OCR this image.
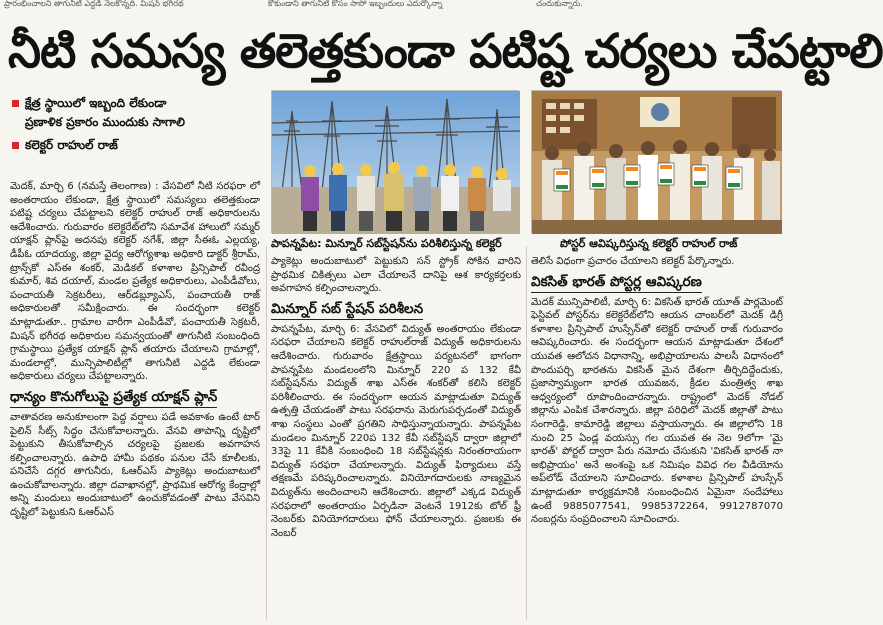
ప్రారంభించాలని తాగునీటి ఎద్దడి నెలకొన్నది. మిషన్ భగీరథ	కోకుండాని తాగునీటి కోసం సాసో ఇబ్బందులు ఎదుర్కొన్నా	చందుకున్నారు.
నీటి సమస్య తలెత్తకుండా పటిష్ట చర్యలు చేపట్టాలి
క్షేత్ర స్థాయిలో ఇబ్బంది లేకుండా
ప్రణాళిక ప్రకారం ముందుకు సాగాలి
కలెక్టర్ రాహుల్ రాజ్
పాపన్నపేట: మిన్నూర్ సబ్‌స్టేషన్‌ను పరిశీలిస్తున్న కలెక్టర్	పోస్టర్ ఆవిష్కరిస్తున్న కలెక్టర్ రాహుల్ రాజ్

మెదక్, మార్చి 6 (నమస్తే తెలంగాణ) : వేసవిలో నీటి సరఫరా లో అంతరాయం లేకుండా, క్షేత్ర స్థాయిలో సమస్యలు తలెత్తకుండా పటిష్ట చర్యలు చేపట్టాలని కలెక్టర్ రాహుల్ రాజ్ అధికారులను ఆదేశించారు. గురువారం కలెక్టరేట్‌లోని సమావేశ హాలులో సమ్మర్ యాక్షన్ ప్లాన్‌పై అదనపు కలెక్టర్ నగేశ్, జిల్లా సీఈఓ ఎల్లయ్య, డీపీఓ యాదయ్య, జిల్లా వైద్య ఆరోగ్యశాఖ అధికారి డాక్టర్ శ్రీరామ్, ట్రాన్స్‌కో ఎస్ఈ శంకర్, మెడికల్ కళాశాల ప్రిన్సిపాల్ రవీంద్ర కుమార్, శివ దయాల్, మండల ప్రత్యేక అధికారులు, ఎంపీడీవోలు, పంచాయతీ సెక్రటరీలు, ఆర్‌డబ్ల్యూఎస్, పంచాయతీ రాజ్ అధికారులతో సమీక్షించారు. ఈ సందర్భంగా కలెక్టర్ మాట్లాడుతూ.. గ్రామాల వారీగా ఎంపీడీవో, పంచాయతీ సెక్రటరీ, మిషన్ భగీరథ అధికారుల సమన్వయంతో తాగునీటి సంబంధింది గ్రామస్థాయి ప్రత్యేక యాక్షన్ ప్లాన్ తయారు చేయాలని గ్రామాల్లో, మండలాల్లో, మున్సిపాలిటీల్లో తాగునీటి ఎద్దడి లేకుండా అధికారులు చర్యలు చేపట్టాలన్నారు.

ధాన్యం కొనుగోలుపై ప్రత్యేక యాక్షన్ ప్లాన్

వాతావరణ అనుకూలంగా పెద్ద వర్షాలు పడే అవకాశం ఉంటే టార్ పైలిన్ సీట్స్ సిద్ధం చేసుకోవాలన్నారు. వేసవి తాపాన్ని దృష్టిలో పెట్టుకుని తీసుకోవాల్సిన చర్యలపై ప్రజలకు అవగాహన కల్పించాలన్నారు. ఉపాధి హామీ పథకం పనుల చేసే కూలీలకు, పనిచేసే దగ్గర తాగునీరు, ఓఆర్ఎస్ ప్యాకెట్లు అందుబాటులో ఉంచుకోవాలన్నారు. జిల్లా దవాఖానల్లో, ప్రాథమిక ఆరోగ్య కేంద్రాల్లో అన్ని మందులు అందుబాటులో ఉంచుకోవడంతో పాటు వేసవిని దృష్టిలో పెట్టుకుని ఓఆర్ఎస్

ప్యాకెట్లు అందుబాటులో పెట్టుకుని సన్ స్ట్రోక్ సోకిన వారిని ప్రాథమిక చికిత్సలు ఎలా చేయాలనే దానిపై ఆశ కార్యకర్తలకు అవగాహన కల్పించాలన్నారు.

మిన్నూర్ సబ్ స్టేషన్ పరిశీలన

పాపన్నపేట, మార్చి 6: వేసవిలో విద్యుత్ అంతరాయం లేకుండా సరఫరా చేయాలని కలెక్టర్ రాహుల్‌రాజ్ విద్యుత్ అధికారులను ఆదేశించారు. గురువారం క్షేత్రస్థాయి పర్యటనలో భాగంగా పాపన్నపేట మండలంలోని మిన్నూర్ 220 ప 132 కేవీ సబ్‌స్టేషన్‌ను విద్యుత్ శాఖ ఎస్ఈ శంకర్‌తో కలిసి కలెక్టర్ పరిశీలించారు. ఈ సందర్భంగా ఆయన మాట్లాడుతూ విద్యుత్ ఉత్పత్తి చేయడంతో పాటు సరఫరాను మెరుగుపర్చడంతో విద్యుత్ శాఖ సంస్థలు ఎంతో ప్రగతిని సాధిస్తున్నాయన్నారు. పాపన్నపేట మండలం మిన్నూర్ 220ప 132 కేవీ సబ్‌స్టేషన్ ద్వారా జిల్లాలో 33పై 11 కేవీకి సంబంధించి 18 సబ్‌స్టేషన్లకు నిరంతరాయంగా విద్యుత్ సరఫరా చేయాలన్నారు. విద్యుత్ ఫిర్యాదులు వస్తే తక్షణమే పరిష్కరించాలన్నారు. వినియోగదారులకు నాణ్యమైన విద్యుత్‌ను అందించాలని ఆదేశించారు. జిల్లాలో ఎక్కడ విద్యుత్ సరఫరాలో అంతరాయం ఏర్పడినా వెంటనే 1912కు టోల్ ఫ్రీ నెంబర్‌కు వినియోగదారులు ఫోన్ చేయాలన్నారు. ప్రజలకు ఈ నెంబర్

తెలిసే విధంగా ప్రచారం చేయాలని కలెక్టర్ పేర్కొన్నారు.

వికసిత్ భారత్ పోస్టర్ల ఆవిష్కరణ

మెదక్ మున్సిపాలిటీ, మార్చి 6: వికసిత్ భారత్ యూత్ పార్లమెంట్ ఫెస్టివల్ పోస్టర్‌ను కలెక్టరేట్‌లోని ఆయన చాంబర్‌లో మెదక్ డిగ్రీ కళాశాల ప్రిన్సిపాల్ హుస్సేన్‌తో కలెక్టర్ రాహుల్ రాజ్ గురువారం ఆవిష్కరించారు. ఈ సందర్భంగా ఆయన మాట్లాడుతూ దేశంలో యువత ఆలోచన విధానాన్ని, అభిప్రాయాలను పాలసీ విధానంలో పొందుపర్చి భారతను వికసిత్ మైన దేశంగా తీర్చిదిద్దేందుకు, ప్రజాస్వామ్యంగా భారత యువజన, క్రీడల మంత్రిత్వ శాఖ ఆధ్వర్యంలో రూపొందించారన్నారు. రాష్ట్రంలో మెదక్ నోడల్ జిల్లాను ఎంపిక చేశారన్నారు. జిల్లా పరిధిలో మెదక్ జిల్లాతో పాటు సంగారెడ్డి, కామారెడ్డి జిల్లాలు వస్తాయన్నారు. ఈ జిల్లాలోని 18 నుంచి 25 ఏండ్ల వయస్సు గల యువత ఈ నెల 9లోగా 'మై భారత్' పోర్టల్ ద్వారా పేరు నమోదు చేసుకుని 'వికసిత్ భారత్ నా అభిప్రాయం' అనే అంశంపై ఒక నిమిషం వివిధ గల వీడియోను అప్‌లోడ్ చేయాలని సూచించారు. కళాశాల ప్రిన్సిపాల్ హుస్సేన్ మాట్లాడుతూ కార్యక్రమానికి సంబంధించిన ఏమైనా సందేహాలు ఉంటే 9885077541, 9985372264, 9912787070 నంబర్లను సంప్రదించాలని సూచించారు.
